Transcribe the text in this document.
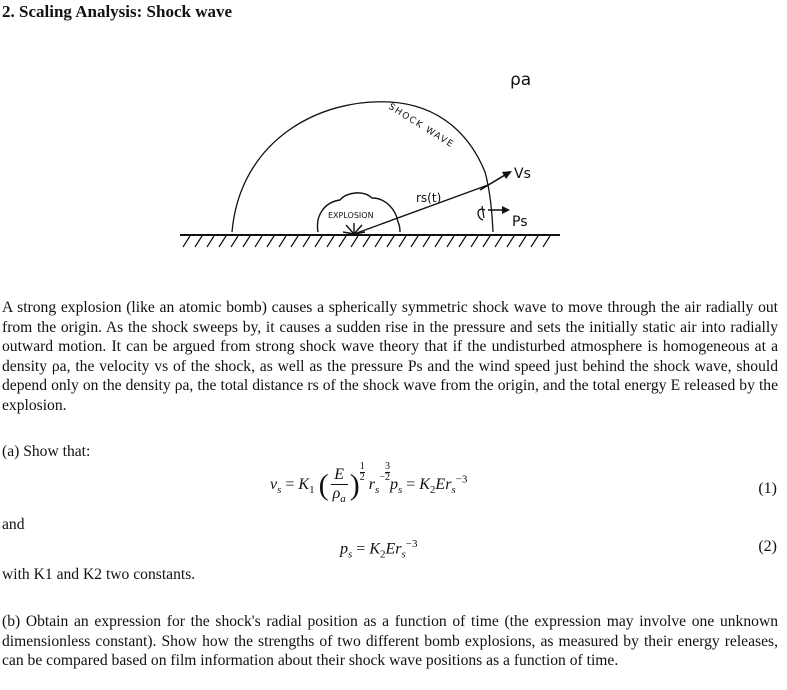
2. Scaling Analysis: Shock wave
ρa
SHOCK WAVE
Vs
rs(t)
EXPLOSION	Ps
A strong explosion (like an atomic bomb) causes a spherically symmetric shock wave to move through the air radially out from the origin. As the shock sweeps by, it causes a sudden rise in the pressure and sets the initially static air into radially outward motion. It can be argued from strong shock wave theory that if the undisturbed atmosphere is homogeneous at a density ρa, the velocity vs of the shock, as well as the pressure Ps and the wind speed just behind the shock wave, should depend only on the density ρa, the total distance rs of the shock wave from the origin, and the total energy E released by the explosion.
(a) Show that:
$v_s = K_1$ ( $\frac{E}{\rho_a}$ ) $\frac{1}{2}$
$r_s- \frac{3}{2}$
$p_s = K_2Er_s^{-3}$
(1)
and
$p_s = K_2Er_s^{-3}$	(2)
with K1 and K2 two constants.
(b) Obtain an expression for the shock's radial position as a function of time (the expression may involve one unknown dimensionless constant). Show how the strengths of two different bomb explosions, as measured by their energy releases, can be compared based on film information about their shock wave positions as a function of time.
